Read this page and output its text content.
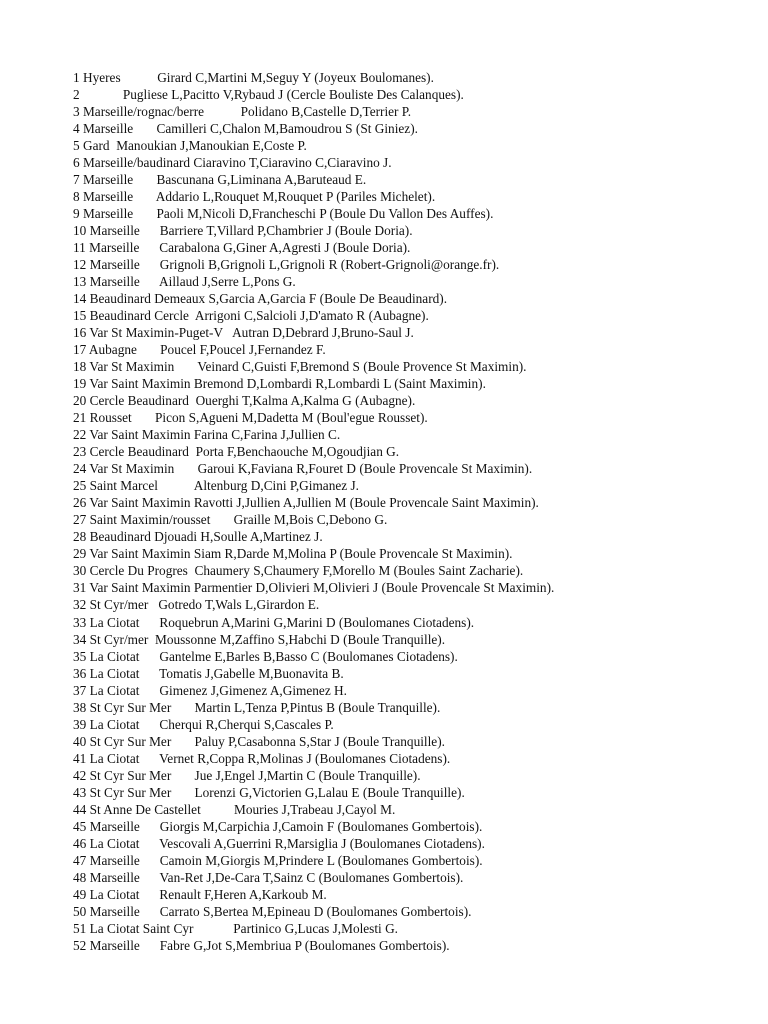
1 Hyeres           Girard C,Martini M,Seguy Y (Joyeux Boulomanes).
2             Pugliese L,Pacitto V,Rybaud J (Cercle Bouliste Des Calanques).
3 Marseille/rognac/berre           Polidano B,Castelle D,Terrier P.
4 Marseille       Camilleri C,Chalon M,Bamoudrou S (St Giniez).
5 Gard  Manoukian J,Manoukian E,Coste P.
6 Marseille/baudinard Ciaravino T,Ciaravino C,Ciaravino J.
7 Marseille       Bascunana G,Liminana A,Baruteaud E.
8 Marseille       Addario L,Rouquet M,Rouquet P (Pariles Michelet).
9 Marseille       Paoli M,Nicoli D,Francheschi P (Boule Du Vallon Des Auffes).
10 Marseille      Barriere T,Villard P,Chambrier J (Boule Doria).
11 Marseille      Carabalona G,Giner A,Agresti J (Boule Doria).
12 Marseille      Grignoli B,Grignoli L,Grignoli R (Robert-Grignoli@orange.fr).
13 Marseille      Aillaud J,Serre L,Pons G.
14 Beaudinard Demeaux S,Garcia A,Garcia F (Boule De Beaudinard).
15 Beaudinard Cercle  Arrigoni C,Salcioli J,D'amato R (Aubagne).
16 Var St Maximin-Puget-V   Autran D,Debrard J,Bruno-Saul J.
17 Aubagne       Poucel F,Poucel J,Fernandez F.
18 Var St Maximin       Veinard C,Guisti F,Bremond S (Boule Provence St Maximin).
19 Var Saint Maximin Bremond D,Lombardi R,Lombardi L (Saint Maximin).
20 Cercle Beaudinard  Ouerghi T,Kalma A,Kalma G (Aubagne).
21 Rousset       Picon S,Agueni M,Dadetta M (Boul'egue Rousset).
22 Var Saint Maximin Farina C,Farina J,Jullien C.
23 Cercle Beaudinard  Porta F,Benchaouche M,Ogoudjian G.
24 Var St Maximin       Garoui K,Faviana R,Fouret D (Boule Provencale St Maximin).
25 Saint Marcel           Altenburg D,Cini P,Gimanez J.
26 Var Saint Maximin Ravotti J,Jullien A,Jullien M (Boule Provencale Saint Maximin).
27 Saint Maximin/rousset       Graille M,Bois C,Debono G.
28 Beaudinard Djouadi H,Soulle A,Martinez J.
29 Var Saint Maximin Siam R,Darde M,Molina P (Boule Provencale St Maximin).
30 Cercle Du Progres  Chaumery S,Chaumery F,Morello M (Boules Saint Zacharie).
31 Var Saint Maximin Parmentier D,Olivieri M,Olivieri J (Boule Provencale St Maximin).
32 St Cyr/mer   Gotredo T,Wals L,Girardon E.
33 La Ciotat      Roquebrun A,Marini G,Marini D (Boulomanes Ciotadens).
34 St Cyr/mer  Moussonne M,Zaffino S,Habchi D (Boule Tranquille).
35 La Ciotat      Gantelme E,Barles B,Basso C (Boulomanes Ciotadens).
36 La Ciotat      Tomatis J,Gabelle M,Buonavita B.
37 La Ciotat      Gimenez J,Gimenez A,Gimenez H.
38 St Cyr Sur Mer       Martin L,Tenza P,Pintus B (Boule Tranquille).
39 La Ciotat      Cherqui R,Cherqui S,Cascales P.
40 St Cyr Sur Mer       Paluy P,Casabonna S,Star J (Boule Tranquille).
41 La Ciotat      Vernet R,Coppa R,Molinas J (Boulomanes Ciotadens).
42 St Cyr Sur Mer       Jue J,Engel J,Martin C (Boule Tranquille).
43 St Cyr Sur Mer       Lorenzi G,Victorien G,Lalau E (Boule Tranquille).
44 St Anne De Castellet          Mouries J,Trabeau J,Cayol M.
45 Marseille      Giorgis M,Carpichia J,Camoin F (Boulomanes Gombertois).
46 La Ciotat      Vescovali A,Guerrini R,Marsiglia J (Boulomanes Ciotadens).
47 Marseille      Camoin M,Giorgis M,Prindere L (Boulomanes Gombertois).
48 Marseille      Van-Ret J,De-Cara T,Sainz C (Boulomanes Gombertois).
49 La Ciotat      Renault F,Heren A,Karkoub M.
50 Marseille      Carrato S,Bertea M,Epineau D (Boulomanes Gombertois).
51 La Ciotat Saint Cyr            Partinico G,Lucas J,Molesti G.
52 Marseille      Fabre G,Jot S,Membriua P (Boulomanes Gombertois).
